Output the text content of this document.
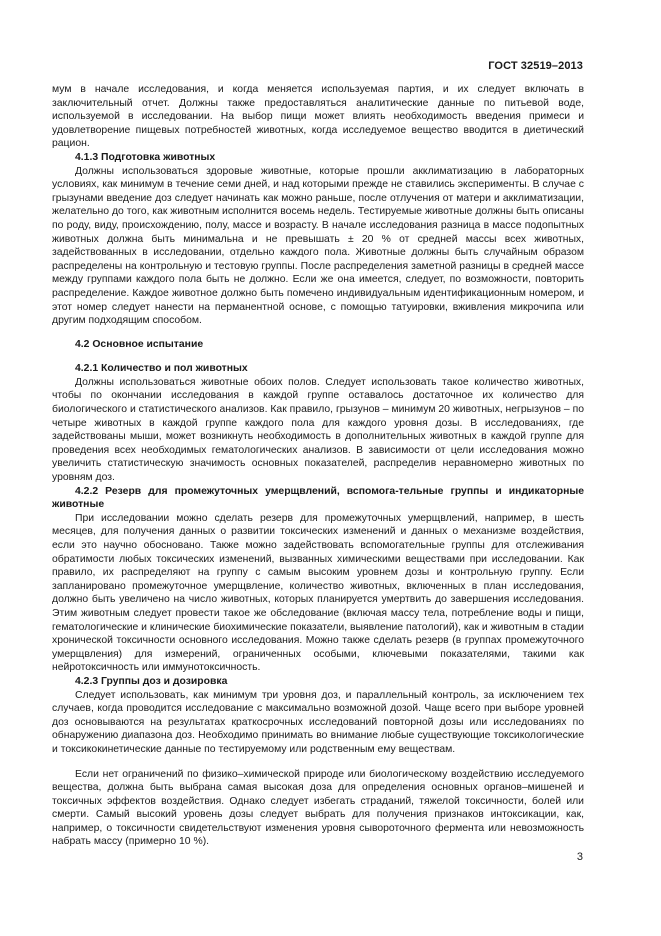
ГОСТ 32519–2013

мум в начале исследования, и когда меняется используемая партия, и их следует включать в заключительный отчет. Должны также предоставляться аналитические данные по питьевой воде, используемой в исследовании. На выбор пищи может влиять необходимость введения примеси и удовлетворение пищевых потребностей животных, когда исследуемое вещество вводится в диетический рацион.

4.1.3 Подготовка животных

Должны использоваться здоровые животные, которые прошли акклиматизацию в лабораторных условиях, как минимум в течение семи дней, и над которыми прежде не ставились эксперименты. В случае с грызунами введение доз следует начинать как можно раньше, после отлучения от матери и акклиматизации, желательно до того, как животным исполнится восемь недель. Тестируемые животные должны быть описаны по роду, виду, происхождению, полу, массе и возрасту. В начале исследования разница в массе подопытных животных должна быть минимальна и не превышать ± 20 % от средней массы всех животных, задействованных в исследовании, отдельно каждого пола. Животные должны быть случайным образом распределены на контрольную и тестовую группы. После распределения заметной разницы в средней массе между группами каждого пола быть не должно. Если же она имеется, следует, по возможности, повторить распределение. Каждое животное должно быть помечено индивидуальным идентификационным номером, и этот номер следует нанести на перманентной основе, с помощью татуировки, вживления микрочипа или другим подходящим способом.

4.2 Основное испытание

4.2.1 Количество и пол животных

Должны использоваться животные обоих полов. Следует использовать такое количество животных, чтобы по окончании исследования в каждой группе оставалось достаточное их количество для биологического и статистического анализов. Как правило, грызунов – минимум 20 животных, негрызунов – по четыре животных в каждой группе каждого пола для каждого уровня дозы. В исследованиях, где задействованы мыши, может возникнуть необходимость в дополнительных животных в каждой группе для проведения всех необходимых гематологических анализов. В зависимости от цели исследования можно увеличить статистическую значимость основных показателей, распределив неравномерно животных по уровням доз.

4.2.2 Резерв для промежуточных умерщвлений, вспомога-тельные группы и индикаторные животные

При исследовании можно сделать резерв для промежуточных умерщвлений, например, в шесть месяцев, для получения данных о развитии токсических изменений и данных о механизме воздействия, если это научно обосновано. Также можно задействовать вспомогательные группы для отслеживания обратимости любых токсических изменений, вызванных химическими веществами при исследовании. Как правило, их распределяют на группу с самым высоким уровнем дозы и контрольную группу. Если запланировано промежуточное умерщвление, количество животных, включенных в план исследования, должно быть увеличено на число животных, которых планируется умертвить до завершения исследования. Этим животным следует провести такое же обследование (включая массу тела, потребление воды и пищи, гематологические и клинические биохимические показатели, выявление патологий), как и животным в стадии хронической токсичности основного исследования. Можно также сделать резерв (в группах промежуточного умерщвления) для измерений, ограниченных особыми, ключевыми показателями, такими как нейротоксичность или иммунотоксичность.

4.2.3 Группы доз и дозировка

Следует использовать, как минимум три уровня доз, и параллельный контроль, за исключением тех случаев, когда проводится исследование с максимально возможной дозой. Чаще всего при выборе уровней доз основываются на результатах краткосрочных исследований повторной дозы или исследованиях по обнаружению диапазона доз. Необходимо принимать во внимание любые существующие токсикологические и токсикокинетические данные по тестируемому или родственным ему веществам.

Если нет ограничений по физико–химической природе или биологическому воздействию исследуемого вещества, должна быть выбрана самая высокая доза для определения основных органов–мишеней и токсичных эффектов воздействия. Однако следует избегать страданий, тяжелой токсичности, болей или смерти. Самый высокий уровень дозы следует выбрать для получения признаков интоксикации, как, например, о токсичности свидетельствуют изменения уровня сывороточного фермента или невозможность набрать массу (примерно 10 %).

3
